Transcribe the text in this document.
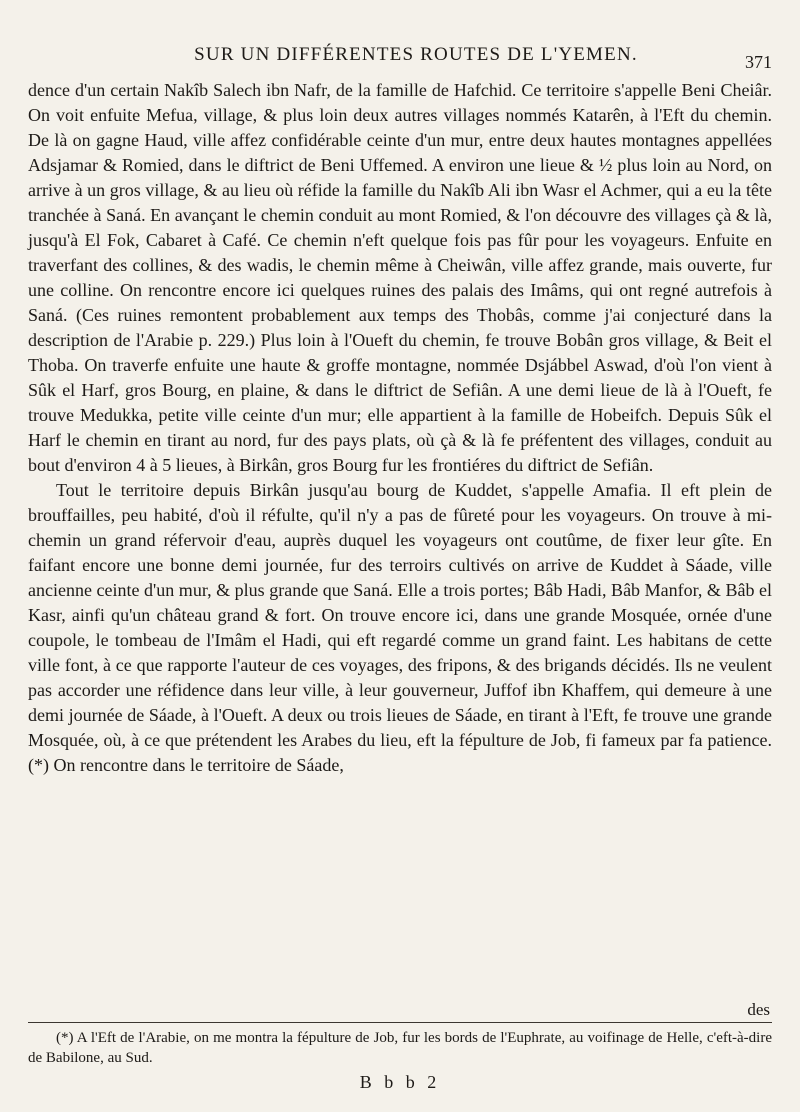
SUR UN DIFFÉRENTES ROUTES DE L'YEMEN.	371

dence d'un certain Nakîb Salech ibn Nafr, de la famille de Hafchid. Ce territoire s'appelle Beni Cheiâr. On voit enfuite Mefua, village, & plus loin deux autres villages nommés Katarên, à l'Eft du chemin. De là on gagne Haud, ville affez confidérable ceinte d'un mur, entre deux hautes montagnes appellées Adsjamar & Romied, dans le diftrict de Beni Uffemed. A environ une lieue & ½ plus loin au Nord, on arrive à un gros village, & au lieu où réfide la famille du Nakîb Ali ibn Wasr el Achmer, qui a eu la tête tranchée à Saná. En avançant le chemin conduit au mont Romied, & l'on découvre des villages çà & là, jusqu'à El Fok, Cabaret à Café. Ce chemin n'eft quelque fois pas fûr pour les voyageurs. Enfuite en traverfant des collines, & des wadis, le chemin même à Cheiwân, ville affez grande, mais ouverte, fur une colline. On rencontre encore ici quelques ruines des palais des Imâms, qui ont regné autrefois à Saná. (Ces ruines remontent probablement aux temps des Thobâs, comme j'ai conjecturé dans la description de l'Arabie p. 229.) Plus loin à l'Oueft du chemin, fe trouve Bobân gros village, & Beit el Thoba. On traverfe enfuite une haute & groffe montagne, nommée Dsjábbel Aswad, d'où l'on vient à Sûk el Harf, gros Bourg, en plaine, & dans le diftrict de Sefiân. A une demi lieue de là à l'Oueft, fe trouve Medukka, petite ville ceinte d'un mur; elle appartient à la famille de Hobeifch. Depuis Sûk el Harf le chemin en tirant au nord, fur des pays plats, où çà & là fe préfentent des villages, conduit au bout d'environ 4 à 5 lieues, à Birkân, gros Bourg fur les frontiéres du diftrict de Sefiân.

Tout le territoire depuis Birkân jusqu'au bourg de Kuddet, s'appelle Amafia. Il eft plein de brouffailles, peu habité, d'où il réfulte, qu'il n'y a pas de fûreté pour les voyageurs. On trouve à mi-chemin un grand réfervoir d'eau, auprès duquel les voyageurs ont coutûme, de fixer leur gîte. En faifant encore une bonne demi journée, fur des terroirs cultivés on arrive de Kuddet à Sáade, ville ancienne ceinte d'un mur, & plus grande que Saná. Elle a trois portes; Bâb Hadi, Bâb Manfor, & Bâb el Kasr, ainfi qu'un château grand & fort. On trouve encore ici, dans une grande Mosquée, ornée d'une coupole, le tombeau de l'Imâm el Hadi, qui eft regardé comme un grand faint. Les habitans de cette ville font, à ce que rapporte l'auteur de ces voyages, des fripons, & des brigands décidés. Ils ne veulent pas accorder une réfidence dans leur ville, à leur gouverneur, Juffof ibn Khaffem, qui demeure à une demi journée de Sáade, à l'Oueft. A deux ou trois lieues de Sáade, en tirant à l'Eft, fe trouve une grande Mosquée, où, à ce que prétendent les Arabes du lieu, eft la fépulture de Job, fi fameux par fa patience. (*) On rencontre dans le territoire de Sáade,

des

(*) A l'Eft de l'Arabie, on me montra la fépulture de Job, fur les bords de l'Euphrate, au voifinage de Helle, c'eft-à-dire de Babilone, au Sud.

B b b 2
